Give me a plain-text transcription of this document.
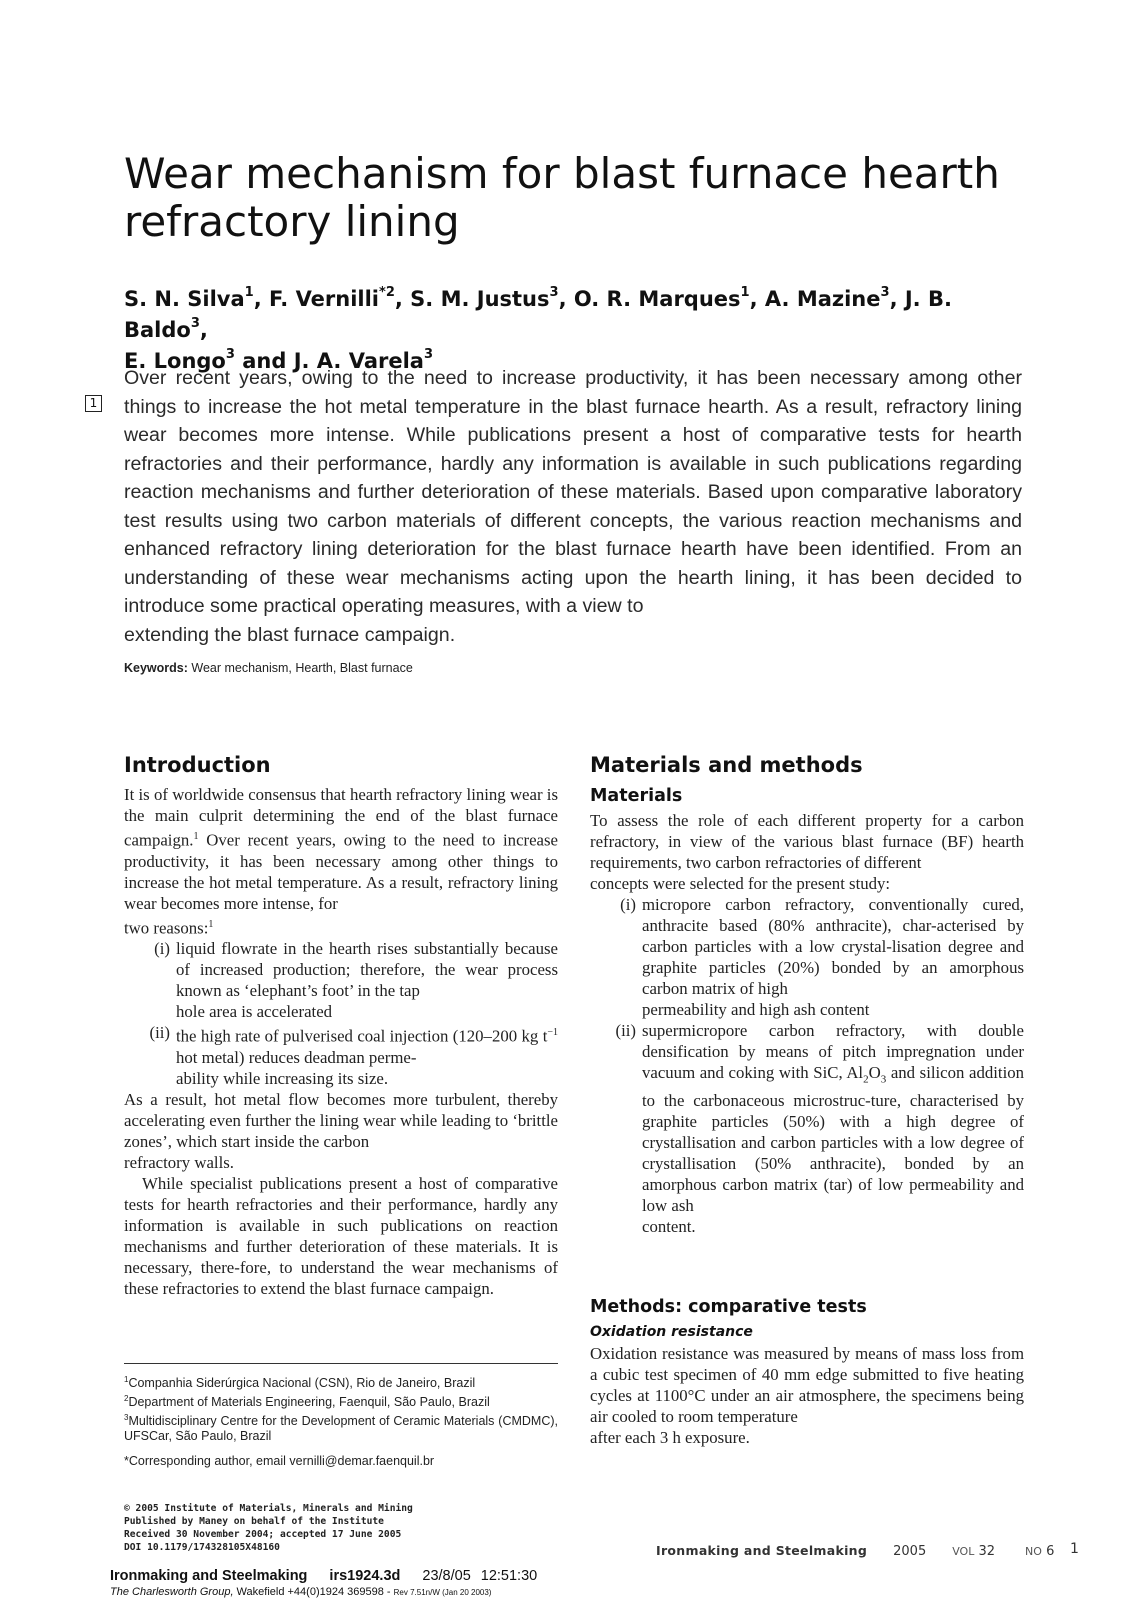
Wear mechanism for blast furnace hearth refractory lining
S. N. Silva$^1$, F. Vernilli$^{*2}$, S. M. Justus$^3$, O. R. Marques$^1$, A. Mazine$^3$, J. B. Baldo$^3$,
E. Longo$^3$ and J. A. Varela$^3$
1

Over recent years, owing to the need to increase productivity, it has been necessary among other things to increase the hot metal temperature in the blast furnace hearth. As a result, refractory lining wear becomes more intense. While publications present a host of comparative tests for hearth refractories and their performance, hardly any information is available in such publications regarding reaction mechanisms and further deterioration of these materials. Based upon comparative laboratory test results using two carbon materials of different concepts, the various reaction mechanisms and enhanced refractory lining deterioration for the blast furnace hearth have been identified. From an understanding of these wear mechanisms acting upon the hearth lining, it has been decided to introduce some practical operating measures, with a view to

extending the blast furnace campaign.

Keywords: Wear mechanism, Hearth, Blast furnace
Introduction

It is of worldwide consensus that hearth refractory lining wear is the main culprit determining the end of the blast furnace campaign.$^1$ Over recent years, owing to the need to increase productivity, it has been necessary among other things to increase the hot metal temperature. As a result, refractory lining wear becomes more intense, for

two reasons:$^1$

(i) liquid flowrate in the hearth rises substantially because of increased production; therefore, the wear process known as ‘elephant’s foot’ in the tap
hole area is accelerated
(ii) the high rate of pulverised coal injection (120–200 kg $t^{-1}$ hot metal) reduces deadman perme-
ability while increasing its size.

As a result, hot metal flow becomes more turbulent, thereby accelerating even further the lining wear while leading to ‘brittle zones’, which start inside the carbon

refractory walls.

While specialist publications present a host of comparative tests for hearth refractories and their performance, hardly any information is available in such publications on reaction mechanisms and further deterioration of these materials. It is necessary, there-fore, to understand the wear mechanisms of these refractories to extend the blast furnace campaign.

Materials and methods
Materials

To assess the role of each different property for a carbon refractory, in view of the various blast furnace (BF) hearth requirements, two carbon refractories of different

concepts were selected for the present study:

(i) micropore carbon refractory, conventionally cured, anthracite based (80% anthracite), char-acterised by carbon particles with a low crystal-lisation degree and graphite particles (20%) bonded by an amorphous carbon matrix of high
permeability and high ash content
(ii) supermicropore carbon refractory, with double densification by means of pitch impregnation under vacuum and coking with SiC, $Al_2O_3$ and silicon addition to the carbonaceous microstruc-ture, characterised by graphite particles (50%) with a high degree of crystallisation and carbon particles with a low degree of crystallisation (50% anthracite), bonded by an amorphous carbon matrix (tar) of low permeability and low ash
content.
Methods: comparative tests
Oxidation resistance

Oxidation resistance was measured by means of mass loss from a cubic test specimen of 40 mm edge submitted to five heating cycles at 1100°C under an air atmosphere, the specimens being air cooled to room temperature

after each 3 h exposure.

$^1$Companhia Siderúrgica Nacional (CSN), Rio de Janeiro, Brazil

$^2$Department of Materials Engineering, Faenquil, São Paulo, Brazil

$^3$Multidisciplinary Centre for the Development of Ceramic Materials (CMDMC), UFSCar, São Paulo, Brazil

*Corresponding author, email vernilli@demar.faenquil.br

© 2005 Institute of Materials, Minerals and Mining
Published by Maney on behalf of the Institute
Received 30 November 2004; accepted 17 June 2005
DOI 10.1179/174328105X48160	Ironmaking and Steelmaking 2005 VOL 32	NO 6 1
Ironmaking and Steelmaking irs1924.3d 23/8/05 12:51:30
The Charlesworth Group, Wakefield +44(0)1924 369598 - Rev 7.51n/W (Jan 20 2003)
